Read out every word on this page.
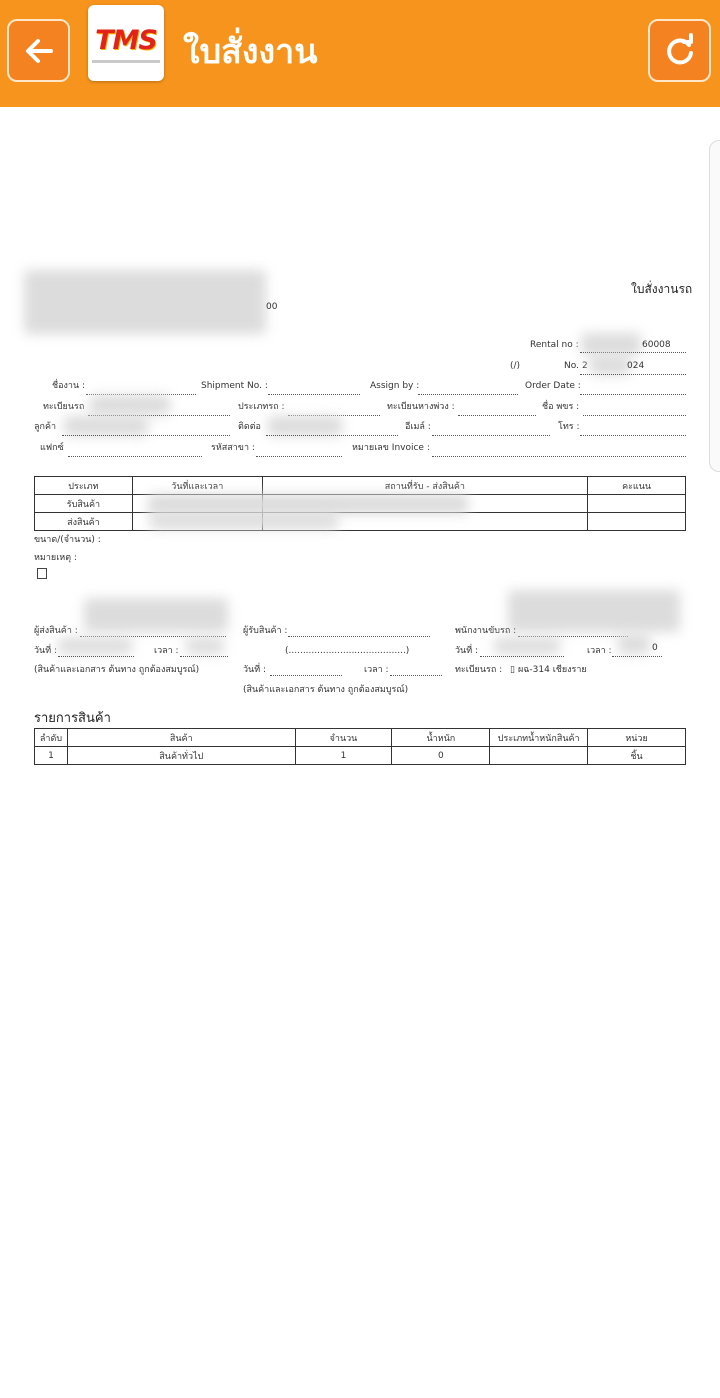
TMS ใบสั่งงาน
00
ใบสั่งงานรถ
Rental no :	60008
(/)	No. 2	024
ชื่องาน :	Shipment No. :	Assign by :	Order Date :
ทะเบียนรถ	ประเภทรถ :	ทะเบียนหางพ่วง :	ชื่อ พขร :
ลูกค้า	ติดต่อ	อีเมล์ :	โทร :
แฟกซ์	รหัสสาขา :	หมายเลข Invoice :
ประเภท	วันที่และเวลา	สถานที่รับ - ส่งสินค้า	คะแนน
รับสินค้า			
ส่งสินค้า			
ขนาด/(จำนวน) :
หมายเหตุ :
ผู้ส่งสินค้า :	ผู้รับสินค้า :	พนักงานขับรถ :
วันที่ :	เวลา :	(.........................................)	วันที่ :	เวลา :	0
(สินค้าและเอกสาร ต้นทาง ถูกต้องสมบูรณ์)	วันที่ :	เวลา :	ทะเบียนรถ : ▯ ผฉ-314 เชียงราย
(สินค้าและเอกสาร ต้นทาง ถูกต้องสมบูรณ์)
รายการสินค้า
ลำดับ	สินค้า	จำนวน	น้ำหนัก	ประเภทน้ำหนักสินค้า	หน่วย
1	สินค้าทั่วไป	1	0		ชิ้น
